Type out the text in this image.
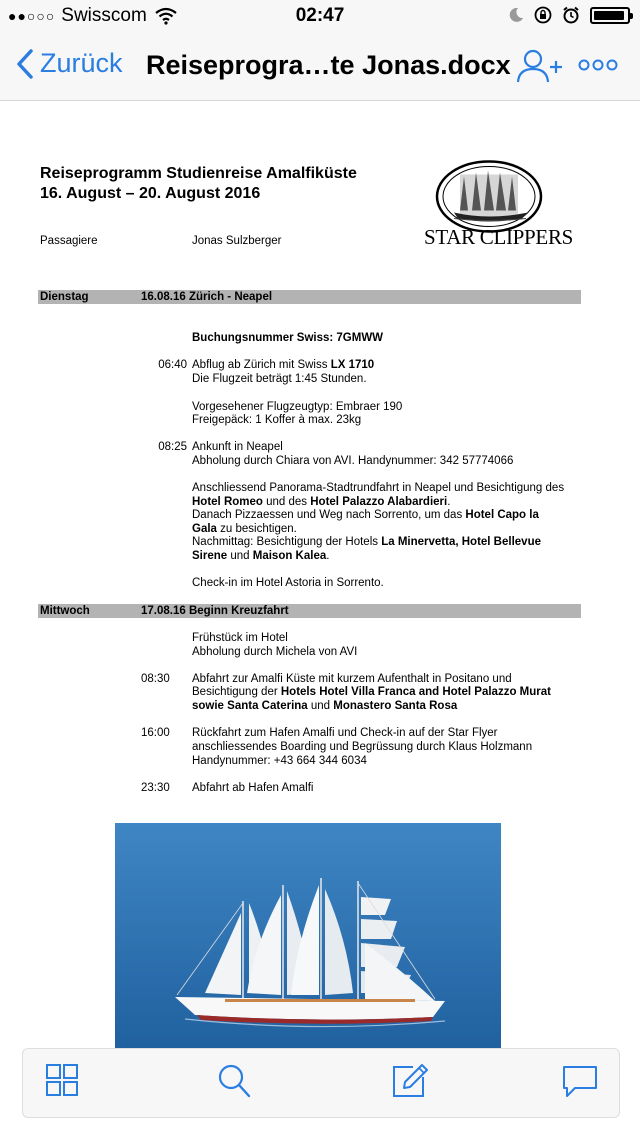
●●○○○ Swisscom	02:47
Zurück Reiseprogra…te Jonas.docx
Reiseprogramm Studienreise Amalfiküste
16. August – 20. August 2016
STAR CLIPPERS
Passagiere	Jonas Sulzberger
Dienstag	16.08.16 Zürich - Neapel
Buchungsnummer Swiss: 7GMWW
06:40 Abflug ab Zürich mit Swiss LX 1710
Die Flugzeit beträgt 1:45 Stunden.
Vorgesehener Flugzeugtyp: Embraer 190
Freigepäck: 1 Koffer à max. 23kg
08:25 Ankunft in Neapel
Abholung durch Chiara von AVI. Handynummer: 342 57774066
Anschliessend Panorama-Stadtrundfahrt in Neapel und Besichtigung des
Hotel Romeo und des Hotel Palazzo Alabardieri.
Danach Pizzaessen und Weg nach Sorrento, um das Hotel Capo la
Gala zu besichtigen.
Nachmittag: Besichtigung der Hotels La Minervetta, Hotel Bellevue
Sirene und Maison Kalea.
Check-in im Hotel Astoria in Sorrento.
Mittwoch	17.08.16 Beginn Kreuzfahrt
Frühstück im Hotel
Abholung durch Michela von AVI
08:30 Abfahrt zur Amalfi Küste mit kurzem Aufenthalt in Positano und
Besichtigung der Hotels Hotel Villa Franca and Hotel Palazzo Murat
sowie Santa Caterina und Monastero Santa Rosa
16:00 Rückfahrt zum Hafen Amalfi und Check-in auf der Star Flyer
anschliessendes Boarding und Begrüssung durch Klaus Holzmann
Handynummer: +43 664 344 6034
23:30 Abfahrt ab Hafen Amalfi
